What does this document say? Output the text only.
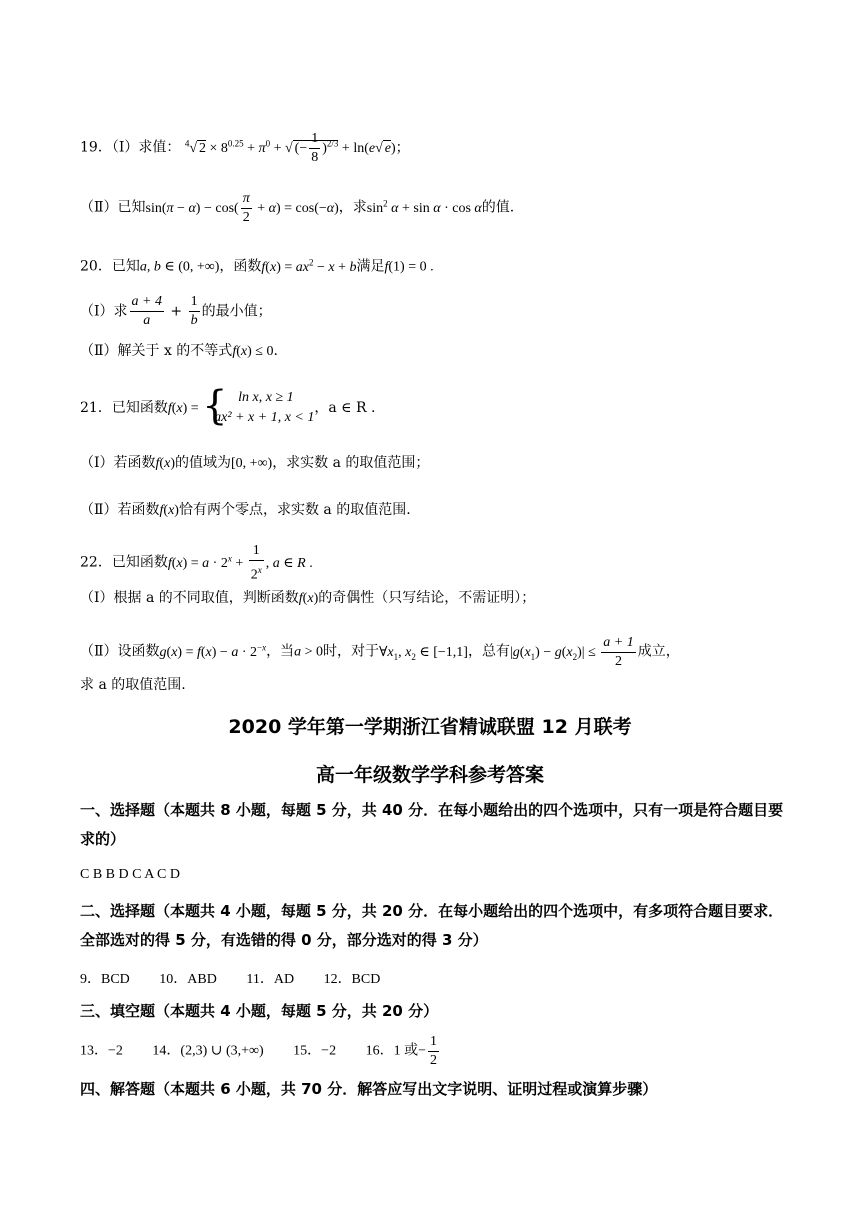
19．（Ⅰ）求值： $^4$√ $2 \times 8^{0.25} + \pi^0$ + √ (− $\frac{1}{8} )^{2/3} + \ln(e√$ e)；
（Ⅱ）已知$\sin(\pi - \alpha) - \cos( \frac{\pi}{2} + \alpha) = \cos(-\alpha)$，求$\sin^2 \alpha + \sin \alpha \cdot \cos \alpha$的值.
20．已知a, b ∈ (0, +∞)，函数$f(x) = ax^2 - x + b$满足f(1) = 0 .
（Ⅰ）求 $\frac{a + 4}{a} + \frac{1}{b}$ 的最小值；
（Ⅱ）解关于 x 的不等式f(x) ≤ 0.
21．已知函数f(x) =
{ ln x, x ≥ 1
ax² + x + 1, x < 1
，a ∈ R .
（Ⅰ）若函数f(x)的值域为[0, +∞)，求实数 a 的取值范围；
（Ⅱ）若函数f(x)恰有两个零点，求实数 a 的取值范围.
22．已知函数$f(x) = a \cdot 2^x + \frac{1}{2^x}$ , a ∈ R .
（Ⅰ）根据 a 的不同取值，判断函数f(x)的奇偶性（只写结论，不需证明）；
（Ⅱ）设函数$g(x) = f(x) - a \cdot 2^{-x}$，当a > 0时，对于$\forall x_1$, $x_2$ ∈ [−1,1]，总有$|g(x_1) - g(x_2)| \le \frac{a + 1}{2}$ 成立，
求 a 的取值范围.
2020 学年第一学期浙江省精诚联盟 12 月联考
高一年级数学学科参考答案
一、选择题（本题共 8 小题，每题 5 分，共 40 分．在每小题给出的四个选项中，只有一项是符合题目要求的）
C B B D C A C D
二、选择题（本题共 4 小题，每题 5 分，共 20 分．在每小题给出的四个选项中，有多项符合题目要求．全部选对的得 5 分，有选错的得 0 分，部分选对的得 3 分）
9．BCD 10．ABD 11．AD 12．BCD
三、填空题（本题共 4 小题，每题 5 分，共 20 分）
13．−2 14．(2,3) ∪ (3,+∞) 15．−2 16．1 或− $\frac{1}{2}$
四、解答题（本题共 6 小题，共 70 分．解答应写出文字说明、证明过程或演算步骤）
